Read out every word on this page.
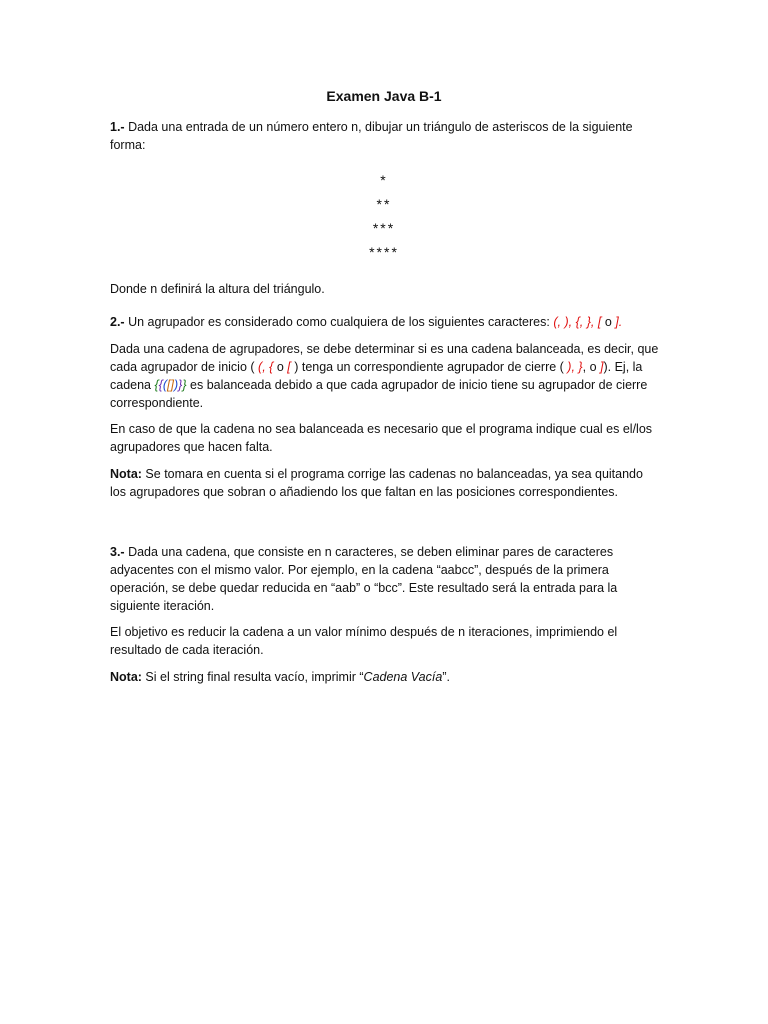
Examen Java B-1

1.- Dada una entrada de un número entero n, dibujar un triángulo de asteriscos de la siguiente forma:

*
**
***
****

Donde n definirá la altura del triángulo.

2.- Un agrupador es considerado como cualquiera de los siguientes caracteres: (, ), {, }, [ o ].

Dada una cadena de agrupadores, se debe determinar si es una cadena balanceada, es decir, que cada agrupador de inicio ( (, { o [ ) tenga un correspondiente agrupador de cierre ( ), }, o ]). Ej, la cadena {{([])}} es balanceada debido a que cada agrupador de inicio tiene su agrupador de cierre correspondiente.

En caso de que la cadena no sea balanceada es necesario que el programa indique cual es el/los agrupadores que hacen falta.

Nota: Se tomara en cuenta si el programa corrige las cadenas no balanceadas, ya sea quitando los agrupadores que sobran o añadiendo los que faltan en las posiciones correspondientes.

3.- Dada una cadena, que consiste en n caracteres, se deben eliminar pares de caracteres adyacentes con el mismo valor. Por ejemplo, en la cadena “aabcc”, después de la primera operación, se debe quedar reducida en “aab” o “bcc”. Este resultado será la entrada para la siguiente iteración.

El objetivo es reducir la cadena a un valor mínimo después de n iteraciones, imprimiendo el resultado de cada iteración.

Nota: Si el string final resulta vacío, imprimir “Cadena Vacía”.
